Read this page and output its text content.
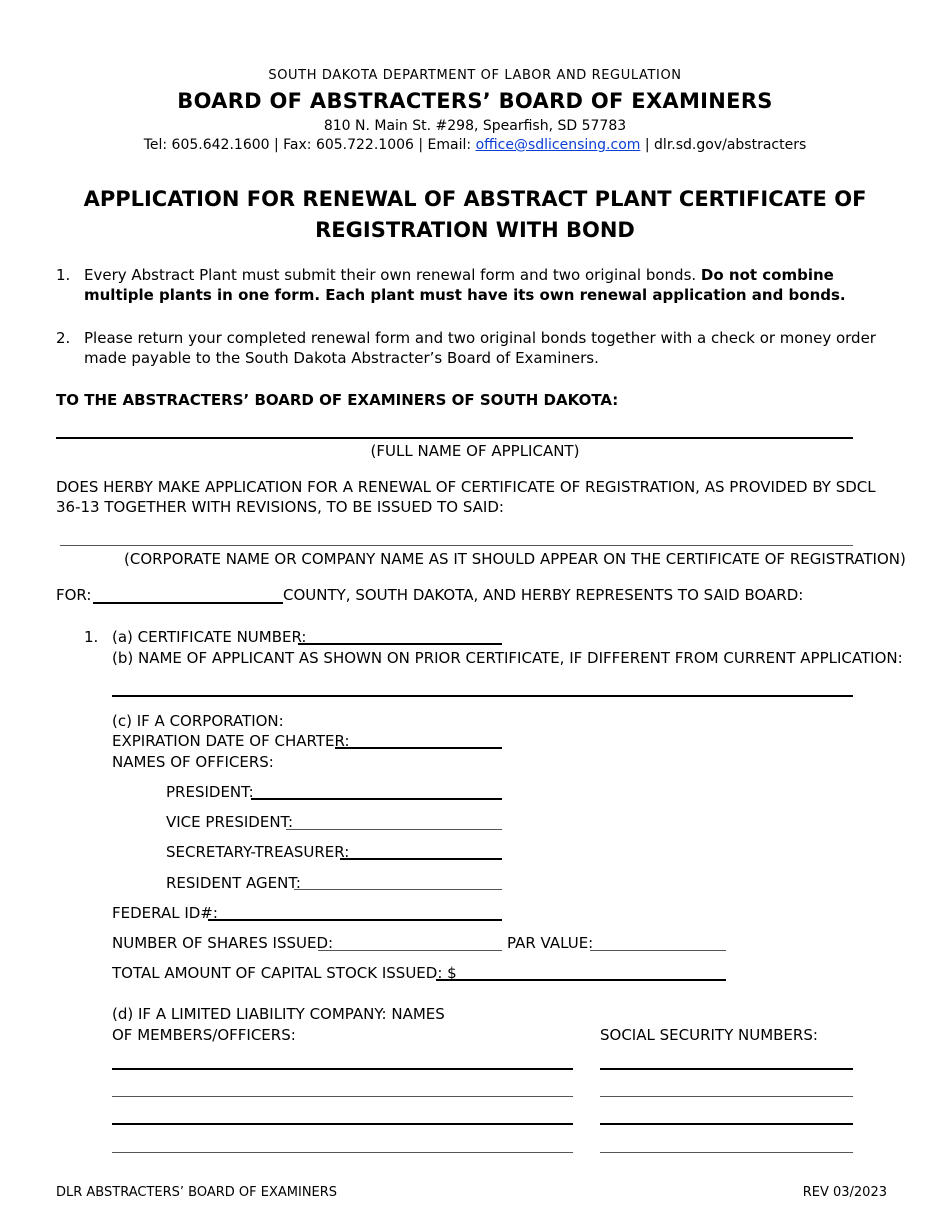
SOUTH DAKOTA DEPARTMENT OF LABOR AND REGULATION
BOARD OF ABSTRACTERS’ BOARD OF EXAMINERS
810 N. Main St. #298, Spearfish, SD 57783
Tel: 605.642.1600 | Fax: 605.722.1006 | Email: office@sdlicensing.com | dlr.sd.gov/abstracters
APPLICATION FOR RENEWAL OF ABSTRACT PLANT CERTIFICATE OF
REGISTRATION WITH BOND
1. Every Abstract Plant must submit their own renewal form and two original bonds. Do not combine multiple plants in one form. Each plant must have its own renewal application and bonds.
2. Please return your completed renewal form and two original bonds together with a check or money order made payable to the South Dakota Abstracter’s Board of Examiners.
TO THE ABSTRACTERS’ BOARD OF EXAMINERS OF SOUTH DAKOTA:
(FULL NAME OF APPLICANT)
DOES HERBY MAKE APPLICATION FOR A RENEWAL OF CERTIFICATE OF REGISTRATION, AS PROVIDED BY SDCL 36-13 TOGETHER WITH REVISIONS, TO BE ISSUED TO SAID:
(CORPORATE NAME OR COMPANY NAME AS IT SHOULD APPEAR ON THE CERTIFICATE OF REGISTRATION)
FOR:	COUNTY, SOUTH DAKOTA, AND HERBY REPRESENTS TO SAID BOARD:
1. (a) CERTIFICATE NUMBER:
(b) NAME OF APPLICANT AS SHOWN ON PRIOR CERTIFICATE, IF DIFFERENT FROM CURRENT APPLICATION:
(c) IF A CORPORATION:
EXPIRATION DATE OF CHARTER:
NAMES OF OFFICERS:
PRESIDENT:
VICE PRESIDENT:
SECRETARY-TREASURER:
RESIDENT AGENT:
FEDERAL ID#:
NUMBER OF SHARES ISSUED:	PAR VALUE:
TOTAL AMOUNT OF CAPITAL STOCK ISSUED: $
(d) IF A LIMITED LIABILITY COMPANY: NAMES
OF MEMBERS/OFFICERS:	SOCIAL SECURITY NUMBERS:
DLR ABSTRACTERS’ BOARD OF EXAMINERS	REV 03/2023
